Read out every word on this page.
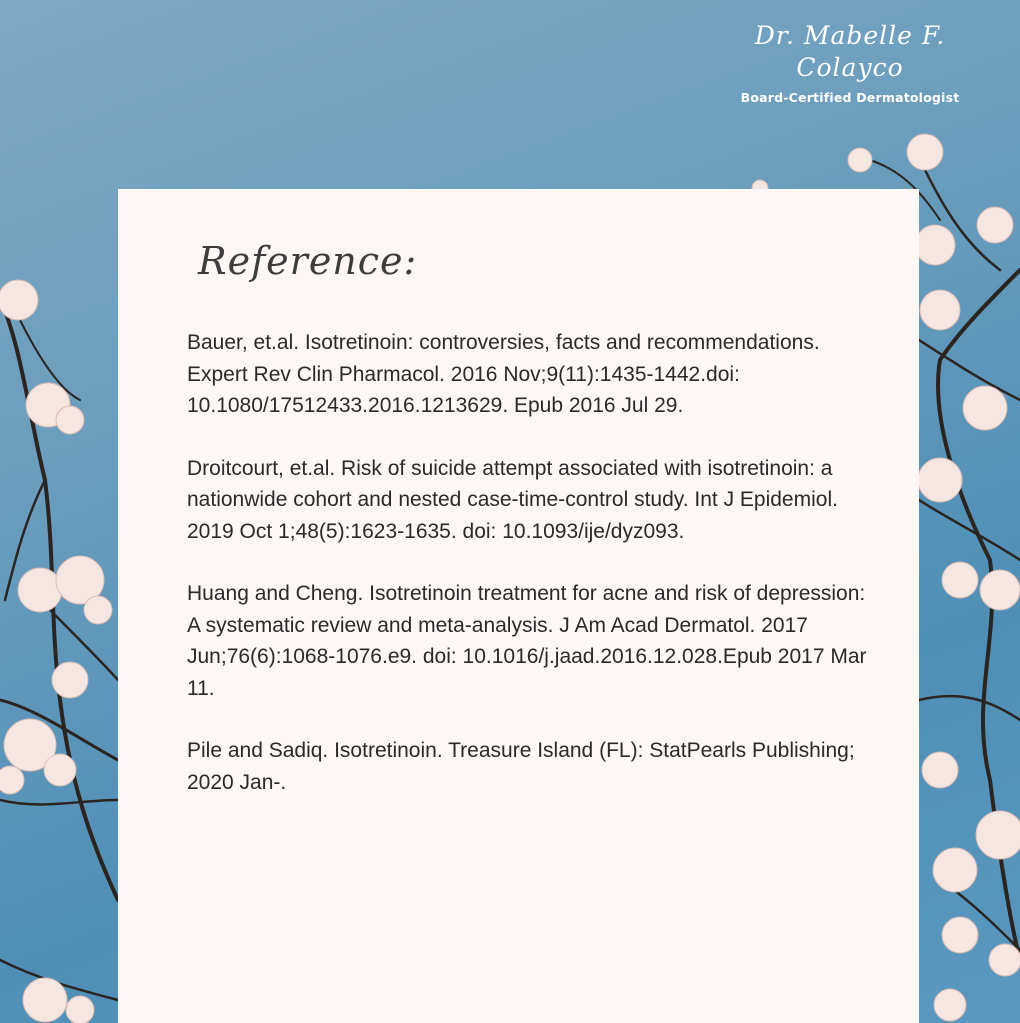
Dr. Mabelle F. Colayco
Board-Certified Dermatologist
Reference:

Bauer, et.al. Isotretinoin: controversies, facts and recommendations. Expert Rev Clin Pharmacol. 2016 Nov;9(11):1435-1442.doi: 10.1080/17512433.2016.1213629. Epub 2016 Jul 29.

Droitcourt, et.al. Risk of suicide attempt associated with isotretinoin: a nationwide cohort and nested case-time-control study. Int J Epidemiol. 2019 Oct 1;48(5):1623-1635. doi: 10.1093/ije/dyz093.

Huang and Cheng. Isotretinoin treatment for acne and risk of depression: A systematic review and meta-analysis. J Am Acad Dermatol. 2017 Jun;76(6):1068-1076.e9. doi: 10.1016/j.jaad.2016.12.028.Epub 2017 Mar 11.

Pile and Sadiq. Isotretinoin. Treasure Island (FL): StatPearls Publishing; 2020 Jan-.
